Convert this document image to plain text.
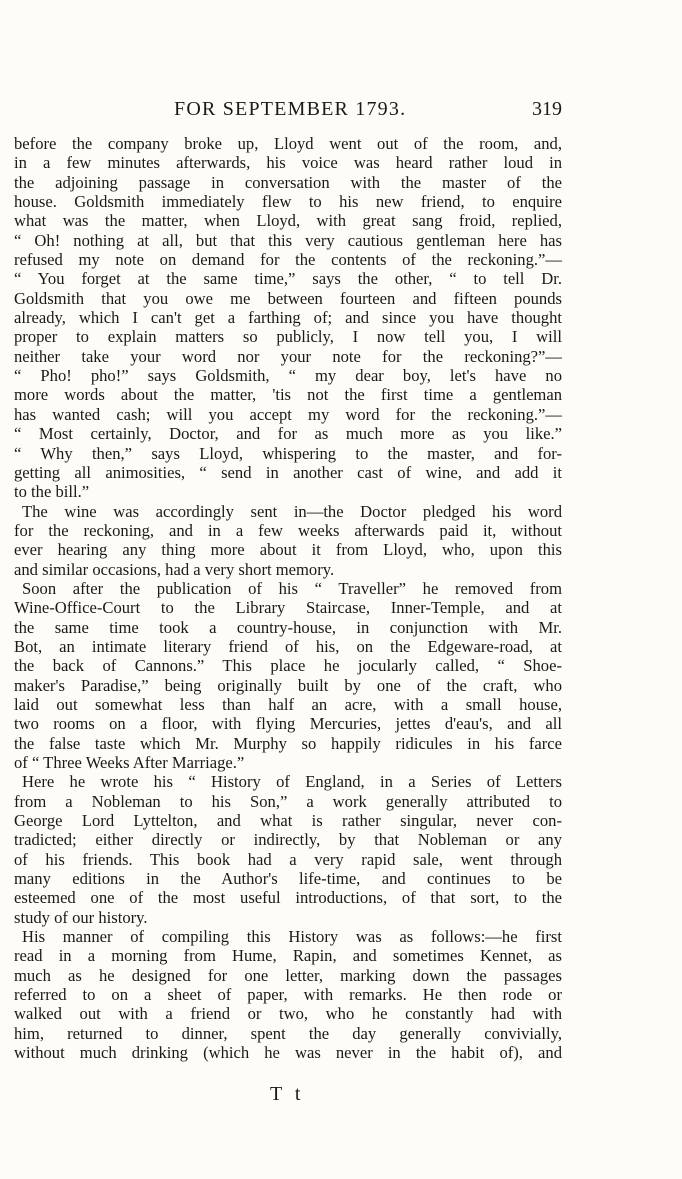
FOR SEPTEMBER 1793.	319
before the company broke up, Lloyd went out of the room, and,
in a few minutes afterwards, his voice was heard rather loud in
the adjoining passage in conversation with the master of the
house. Goldsmith immediately flew to his new friend, to enquire
what was the matter, when Lloyd, with great sang froid, replied,
“ Oh! nothing at all, but that this very cautious gentleman here has
refused my note on demand for the contents of the reckoning.”—
“ You forget at the same time,” says the other, “ to tell Dr.
Goldsmith that you owe me between fourteen and fifteen pounds
already, which I can't get a farthing of; and since you have thought
proper to explain matters so publicly, I now tell you, I will
neither take your word nor your note for the reckoning?”—
“ Pho! pho!” says Goldsmith, “ my dear boy, let's have no
more words about the matter, 'tis not the first time a gentleman
has wanted cash; will you accept my word for the reckoning.”—
“ Most certainly, Doctor, and for as much more as you like.”
“ Why then,” says Lloyd, whispering to the master, and for-
getting all animosities, “ send in another cast of wine, and add it
to the bill.”
The wine was accordingly sent in—the Doctor pledged his word
for the reckoning, and in a few weeks afterwards paid it, without
ever hearing any thing more about it from Lloyd, who, upon this
and similar occasions, had a very short memory.
Soon after the publication of his “ Traveller” he removed from
Wine-Office-Court to the Library Staircase, Inner-Temple, and at
the same time took a country-house, in conjunction with Mr.
Bot, an intimate literary friend of his, on the Edgeware-road, at
the back of Cannons.” This place he jocularly called, “ Shoe-
maker's Paradise,” being originally built by one of the craft, who
laid out somewhat less than half an acre, with a small house,
two rooms on a floor, with flying Mercuries, jettes d'eau's, and all
the false taste which Mr. Murphy so happily ridicules in his farce
of “ Three Weeks After Marriage.”
Here he wrote his “ History of England, in a Series of Letters
from a Nobleman to his Son,” a work generally attributed to
George Lord Lyttelton, and what is rather singular, never con-
tradicted; either directly or indirectly, by that Nobleman or any
of his friends. This book had a very rapid sale, went through
many editions in the Author's life-time, and continues to be
esteemed one of the most useful introductions, of that sort, to the
study of our history.
His manner of compiling this History was as follows:—he first
read in a morning from Hume, Rapin, and sometimes Kennet, as
much as he designed for one letter, marking down the passages
referred to on a sheet of paper, with remarks. He then rode or
walked out with a friend or two, who he constantly had with
him, returned to dinner, spent the day generally convivially,
without much drinking (which he was never in the habit of), and
T t
